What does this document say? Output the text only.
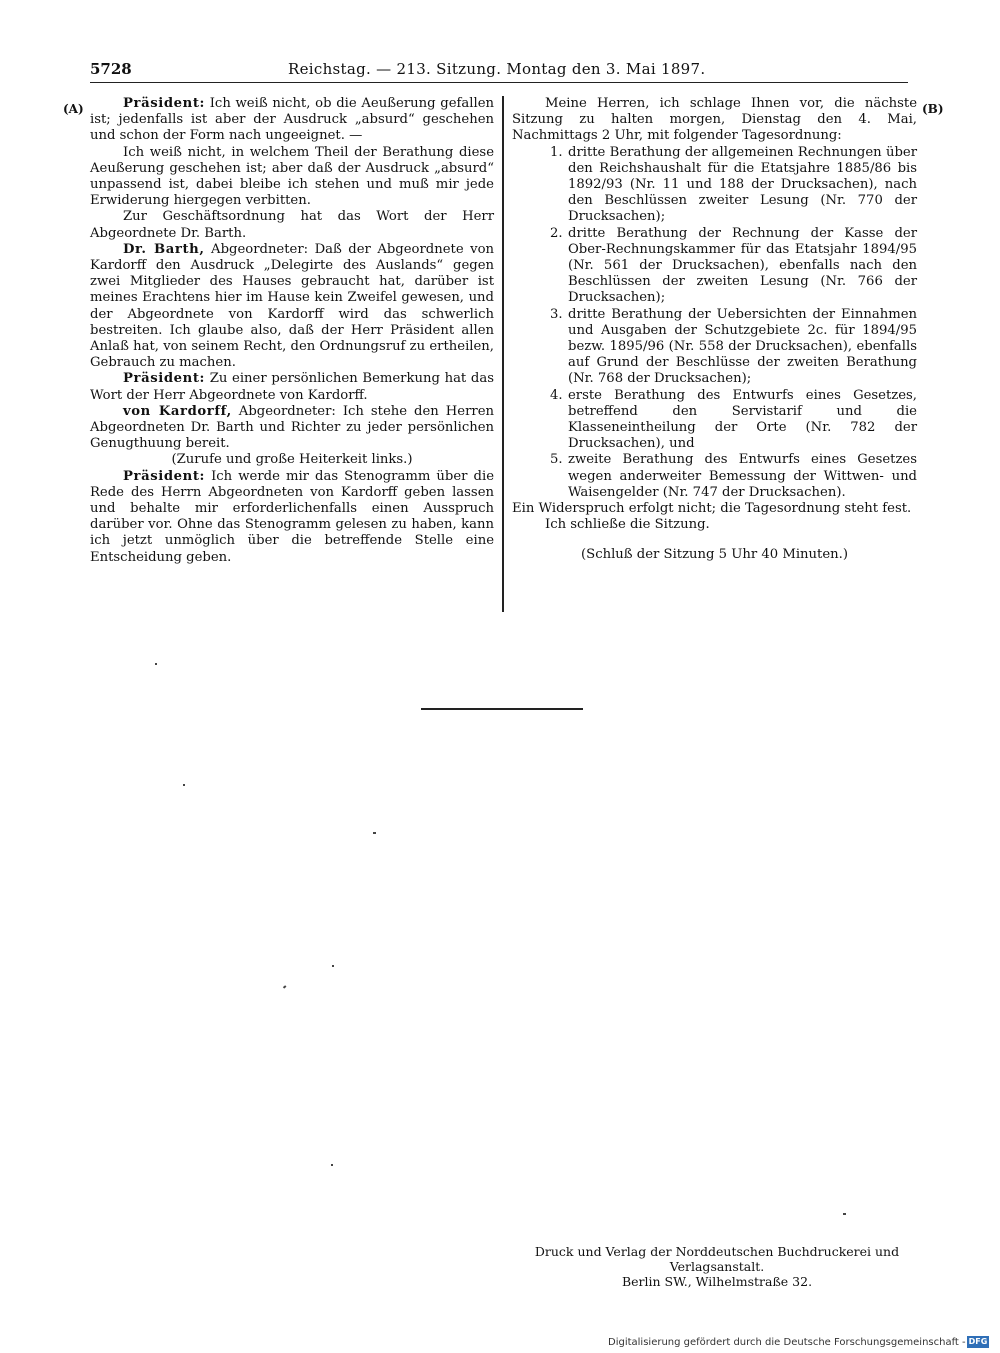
5728	Reichstag. — 213. Sitzung. Montag den 3. Mai 1897.
(A)	(B)

Präsident: Ich weiß nicht, ob die Aeußerung gefallen ist; jedenfalls ist aber der Ausdruck „absurd“ geschehen und schon der Form nach ungeeignet. —

Ich weiß nicht, in welchem Theil der Berathung diese Aeußerung geschehen ist; aber daß der Ausdruck „absurd“ unpassend ist, dabei bleibe ich stehen und muß mir jede Erwiderung hiergegen verbitten.

Zur Geschäftsordnung hat das Wort der Herr Abgeordnete Dr. Barth.

Dr. Barth, Abgeordneter: Daß der Abgeordnete von Kardorff den Ausdruck „Delegirte des Auslands“ gegen zwei Mitglieder des Hauses gebraucht hat, darüber ist meines Erachtens hier im Hause kein Zweifel gewesen, und der Abgeordnete von Kardorff wird das schwerlich bestreiten. Ich glaube also, daß der Herr Präsident allen Anlaß hat, von seinem Recht, den Ordnungsruf zu ertheilen, Gebrauch zu machen.

Präsident: Zu einer persönlichen Bemerkung hat das Wort der Herr Abgeordnete von Kardorff.

von Kardorff, Abgeordneter: Ich stehe den Herren Abgeordneten Dr. Barth und Richter zu jeder persönlichen Genugthuung bereit.

(Zurufe und große Heiterkeit links.)

Präsident: Ich werde mir das Stenogramm über die Rede des Herrn Abgeordneten von Kardorff geben lassen und behalte mir erforderlichenfalls einen Ausspruch darüber vor. Ohne das Stenogramm gelesen zu haben, kann ich jetzt unmöglich über die betreffende Stelle eine Entscheidung geben.

Meine Herren, ich schlage Ihnen vor, die nächste Sitzung zu halten morgen, Dienstag den 4. Mai, Nachmittags 2 Uhr, mit folgender Tagesordnung:

1. dritte Berathung der allgemeinen Rechnungen über den Reichshaushalt für die Etatsjahre 1885/86 bis 1892/93 (Nr. 11 und 188 der Drucksachen), nach den Beschlüssen zweiter Lesung (Nr. 770 der Drucksachen);
2. dritte Berathung der Rechnung der Kasse der Ober-Rechnungskammer für das Etatsjahr 1894/95 (Nr. 561 der Drucksachen), ebenfalls nach den Beschlüssen der zweiten Lesung (Nr. 766 der Drucksachen);
3. dritte Berathung der Uebersichten der Einnahmen und Ausgaben der Schutzgebiete 2c. für 1894/95 bezw. 1895/96 (Nr. 558 der Drucksachen), ebenfalls auf Grund der Beschlüsse der zweiten Berathung (Nr. 768 der Drucksachen);
4. erste Berathung des Entwurfs eines Gesetzes, betreffend den Servistarif und die Klasseneintheilung der Orte (Nr. 782 der Drucksachen), und
5. zweite Berathung des Entwurfs eines Gesetzes wegen anderweiter Bemessung der Wittwen- und Waisengelder (Nr. 747 der Drucksachen).

Ein Widerspruch erfolgt nicht; die Tagesordnung steht fest.

Ich schließe die Sitzung.

(Schluß der Sitzung 5 Uhr 40 Minuten.)

Druck und Verlag der Norddeutschen Buchdruckerei und Verlagsanstalt.
Berlin SW., Wilhelmstraße 32.
Digitalisierung gefördert durch die Deutsche Forschungsgemeinschaft - DFG
